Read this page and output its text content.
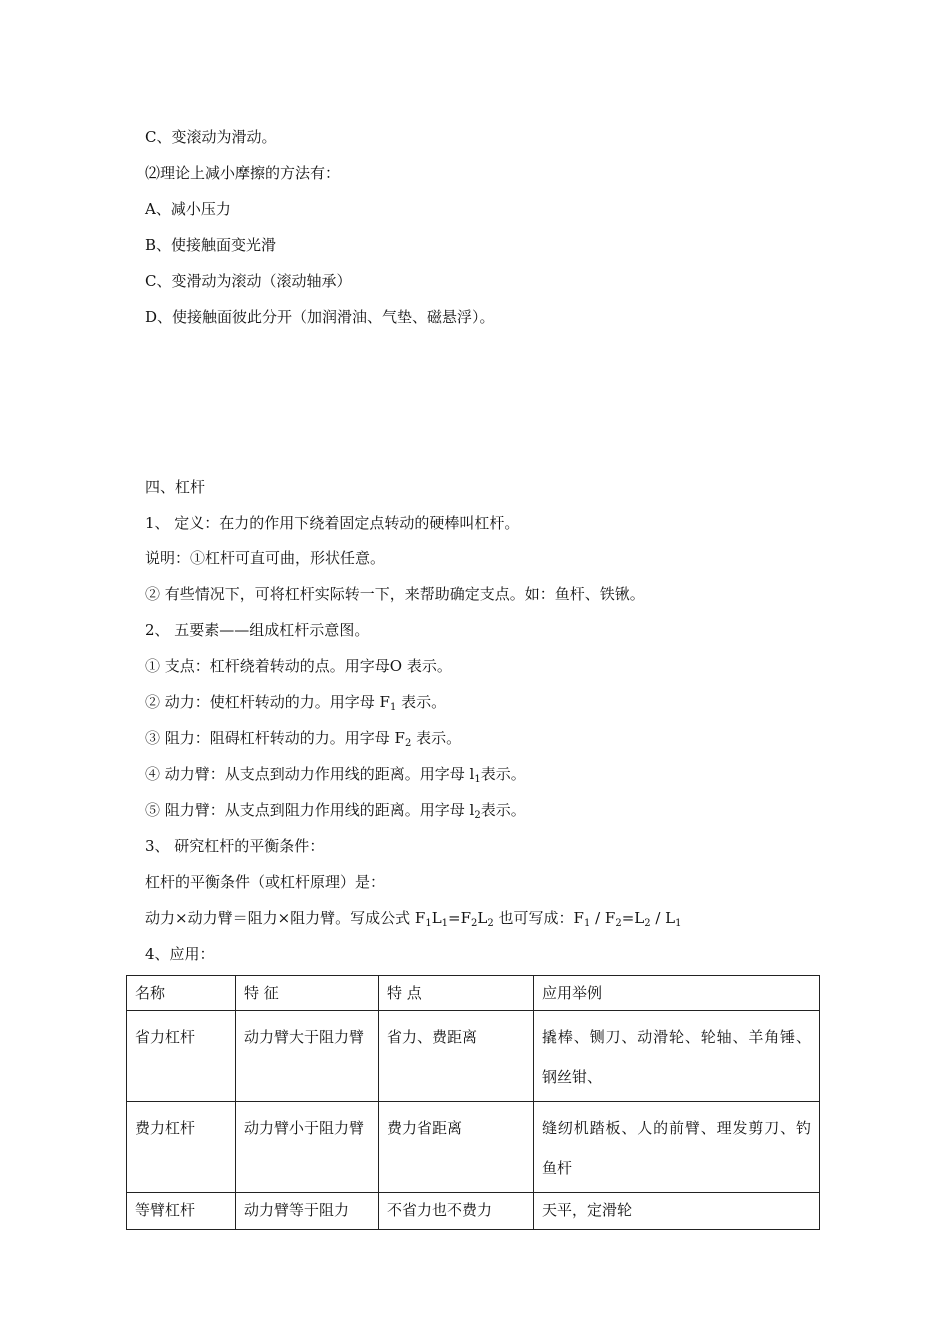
C、变滚动为滑动。
⑵理论上减小摩擦的方法有：
A、减小压力
B、使接触面变光滑
C、变滑动为滚动（滚动轴承）
D、使接触面彼此分开（加润滑油、气垫、磁悬浮）。
四、杠杆
1、 定义：在力的作用下绕着固定点转动的硬棒叫杠杆。
说明：①杠杆可直可曲，形状任意。
② 有些情况下，可将杠杆实际转一下，来帮助确定支点。如：鱼杆、铁锹。
2、 五要素——组成杠杆示意图。
① 支点：杠杆绕着转动的点。用字母O 表示。
② 动力：使杠杆转动的力。用字母 $F_1$ 表示。
③ 阻力：阻碍杠杆转动的力。用字母 $F_2$ 表示。
④ 动力臂：从支点到动力作用线的距离。用字母 $l_1$表示。
⑤ 阻力臂：从支点到阻力作用线的距离。用字母 $l_2$表示。
3、 研究杠杆的平衡条件：
杠杆的平衡条件（或杠杆原理）是：
动力×动力臂＝阻力×阻力臂。写成公式 $F_1L_1=F_2L_2$ 也可写成：$F_1 / F_2=L_2 / L_1$
4、应用：
名称	特 征	特 点	应用举例
省力杠杆	动力臂大于阻力臂	省力、费距离	撬棒、铡刀、动滑轮、轮轴、羊角锤、钢丝钳、
费力杠杆	动力臂小于阻力臂	费力省距离	缝纫机踏板、人的前臂、理发剪刀、钓鱼杆
等臂杠杆	动力臂等于阻力	不省力也不费力	天平，定滑轮
